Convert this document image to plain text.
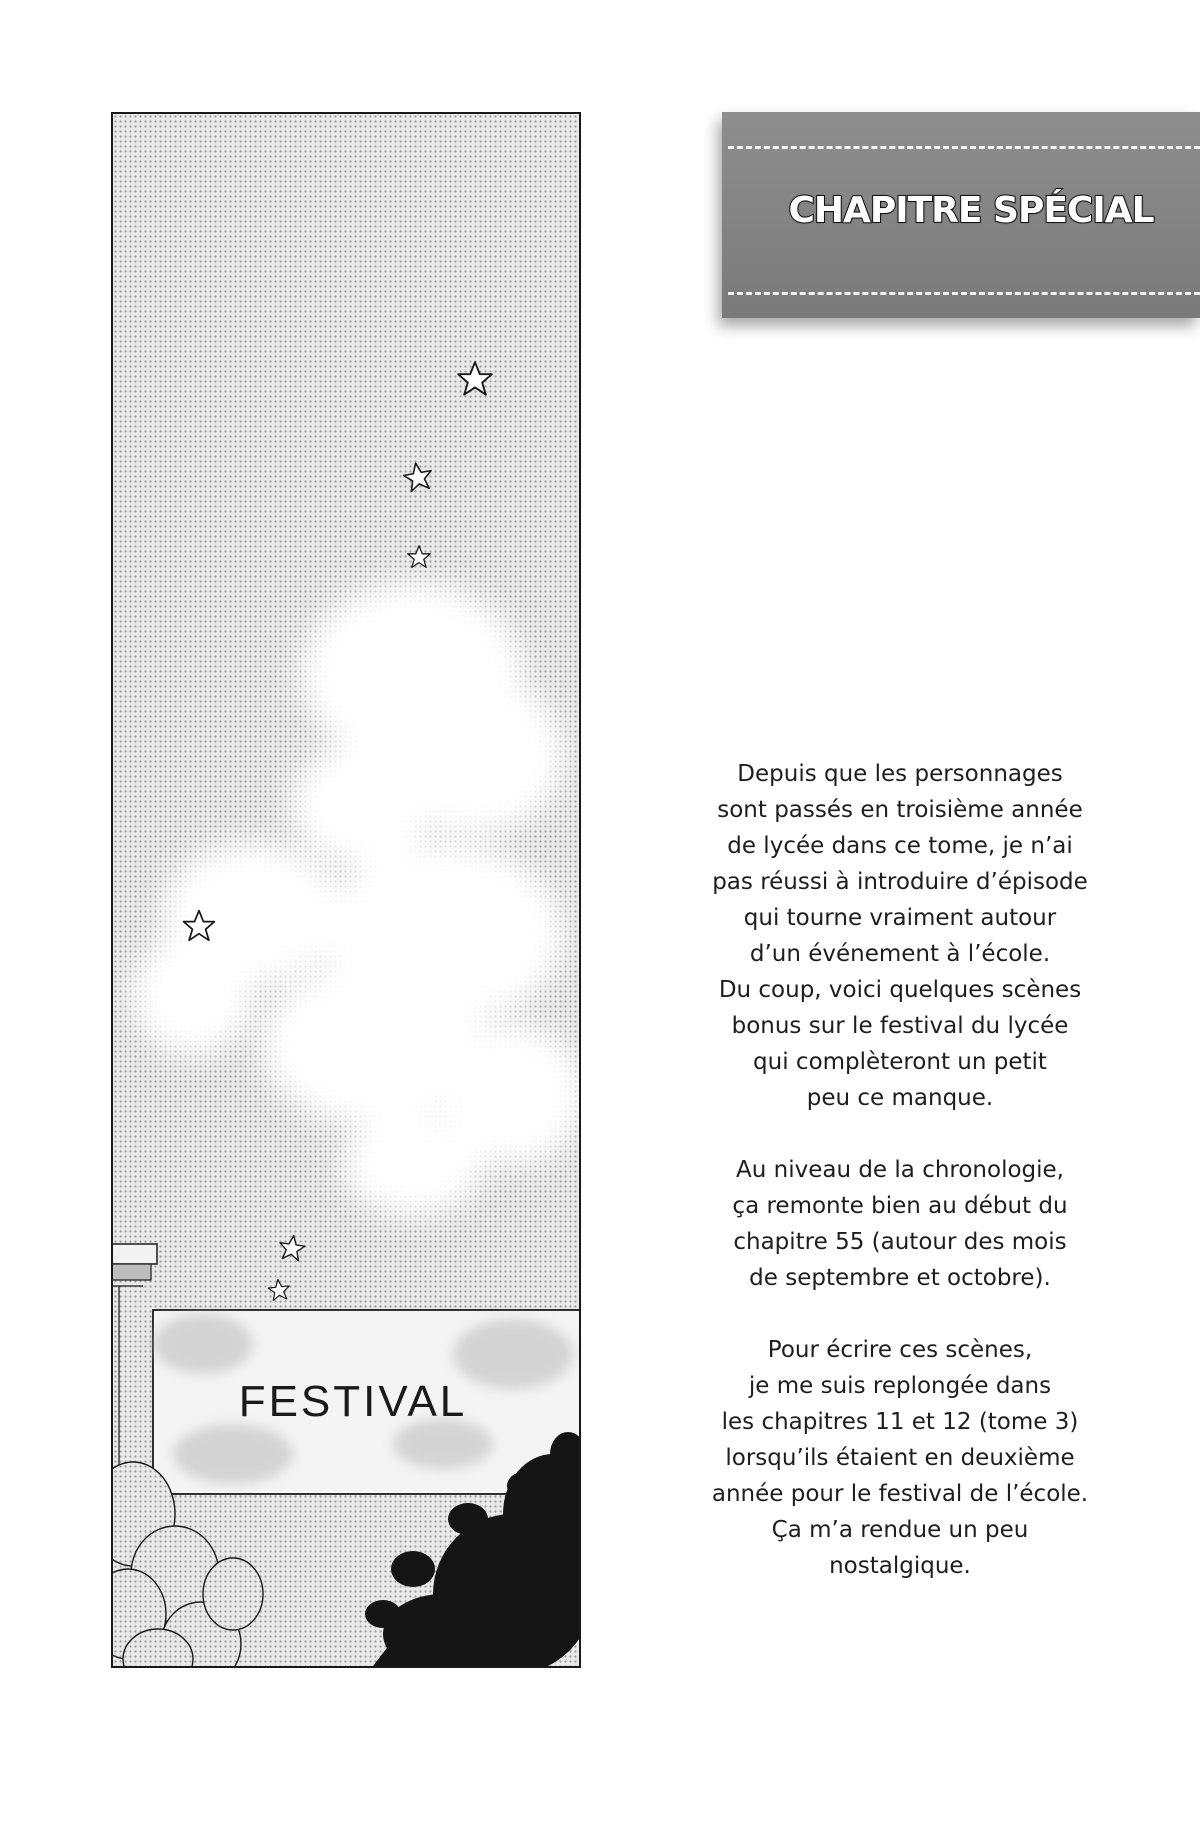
FESTIVAL
CHAPITRE SPÉCIAL

Depuis que les personnages
sont passés en troisième année
de lycée dans ce tome, je n’ai
pas réussi à introduire d’épisode
qui tourne vraiment autour
d’un événement à l’école.
Du coup, voici quelques scènes
bonus sur le festival du lycée
qui complèteront un petit
peu ce manque.

Au niveau de la chronologie,
ça remonte bien au début du
chapitre 55 (autour des mois
de septembre et octobre).

Pour écrire ces scènes,
je me suis replongée dans
les chapitres 11 et 12 (tome 3)
lorsqu’ils étaient en deuxième
année pour le festival de l’école.
Ça m’a rendue un peu
nostalgique.
